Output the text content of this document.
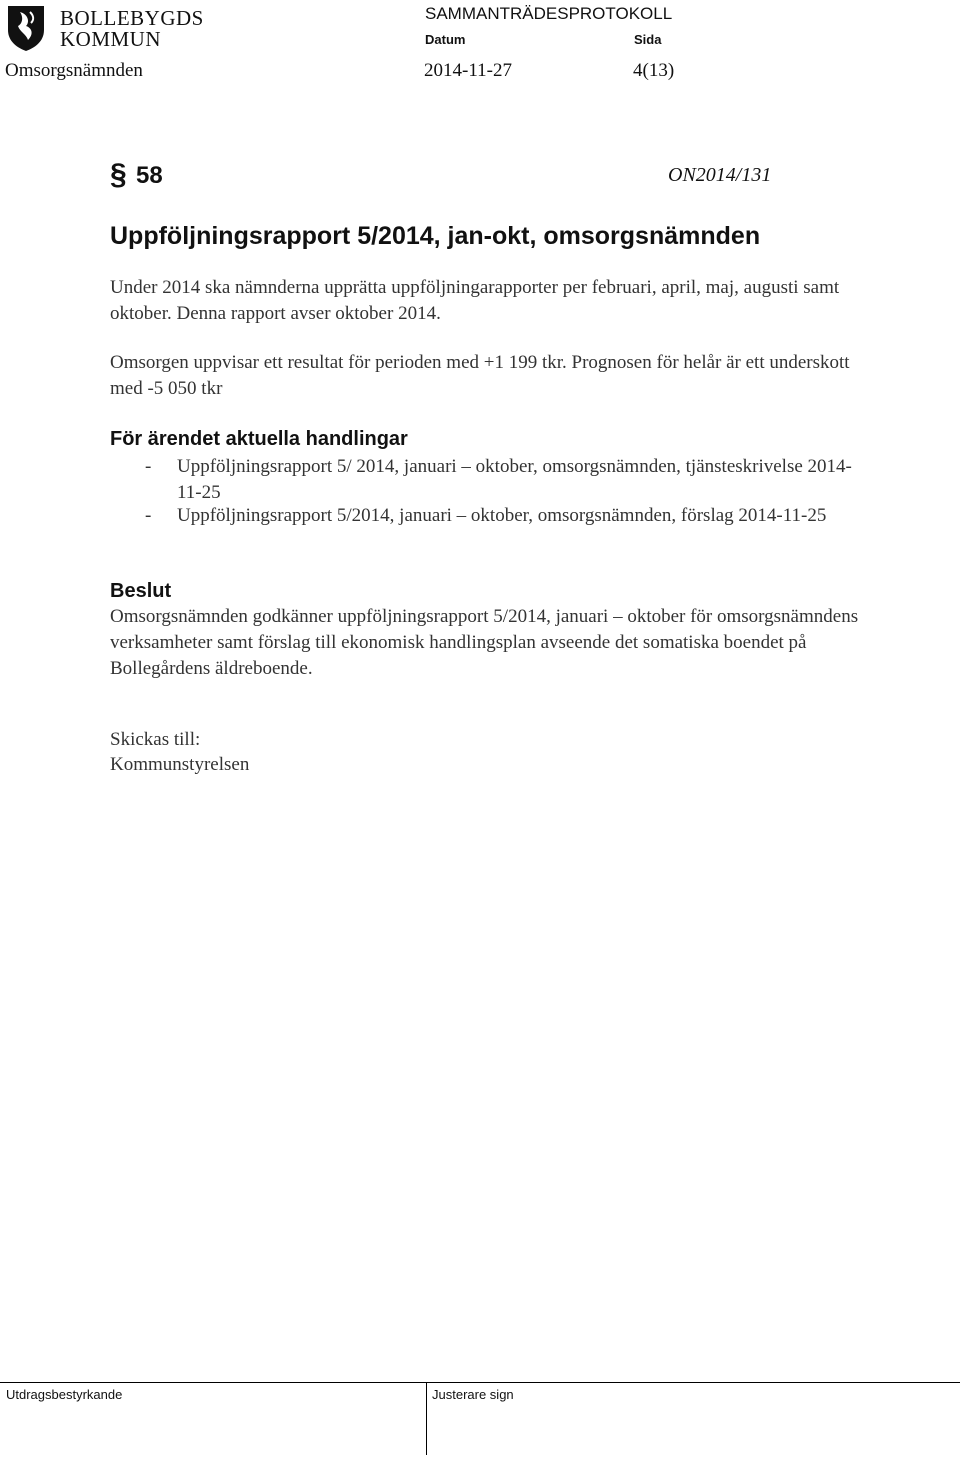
BOLLEBYGDS
KOMMUN
SAMMANTRÄDESPROTOKOLL
Datum	Sida
Omsorgsnämnden	2014-11-27	4(13)
§ 58	ON2014/131
Uppföljningsrapport 5/2014, jan-okt, omsorgsnämnden
Under 2014 ska nämnderna upprätta uppföljningarapporter per februari, april, maj, augusti samt oktober. Denna rapport avser oktober 2014.
Omsorgen uppvisar ett resultat för perioden med +1 199 tkr. Prognosen för helår är ett underskott med -5 050 tkr
För ärendet aktuella handlingar
- Uppföljningsrapport 5/ 2014, januari – oktober, omsorgsnämnden, tjänsteskrivelse 2014-11-25
- Uppföljningsrapport 5/2014, januari – oktober, omsorgsnämnden, förslag 2014-11-25
Beslut
Omsorgsnämnden godkänner uppföljningsrapport 5/2014, januari – oktober för omsorgsnämndens verksamheter samt förslag till ekonomisk handlingsplan avseende det somatiska boendet på Bollegårdens äldreboende.
Skickas till:
Kommunstyrelsen
Utdragsbestyrkande	Justerare sign
